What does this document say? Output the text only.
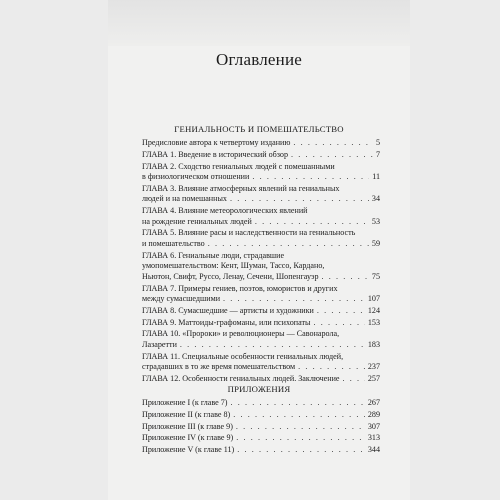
Оглавление
ГЕНИАЛЬНОСТЬ И ПОМЕШАТЕЛЬСТВО
Предисловие автора к четвертому изданию . . .	5
ГЛАВА 1. Введение в исторический обзор . . .	7
ГЛАВА 2. Сходство гениальных людей с помешанными
в физиологическом отношении . . .	11
ГЛАВА 3. Влияние атмосферных явлений на гениальных
людей и на помешанных . . .	34
ГЛАВА 4. Влияние метеорологических явлений
на рождение гениальных людей . . .	53
ГЛАВА 5. Влияние расы и наследственности на гениальность
и помешательство . . .	59
ГЛАВА 6. Гениальные люди, страдавшие
умопомешательством: Кент, Шуман, Тассо, Кардано,
Ньютон, Свифт, Руссо, Ленау, Сечени, Шопенгауэр . . .	75
ГЛАВА 7. Примеры гениев, поэтов, юмористов и других
между сумасшедшими . . .	107
ГЛАВА 8. Сумасшедшие — артисты и художники . . .	124
ГЛАВА 9. Маттоиды-графоманы, или психопаты . . .	153
ГЛАВА 10. «Пророки» и революционеры — Савонарола,
Лазаретти . . .	183
ГЛАВА 11. Специальные особенности гениальных людей,
страдавших в то же время помешательством . . .	237
ГЛАВА 12. Особенности гениальных людей. Заключение . . .	257
ПРИЛОЖЕНИЯ
Приложение I (к главе 7) . . .	267
Приложение II (к главе 8) . . .	289
Приложение III (к главе 9) . . .	307
Приложение IV (к главе 9) . . .	313
Приложение V (к главе 11) . . .	344
